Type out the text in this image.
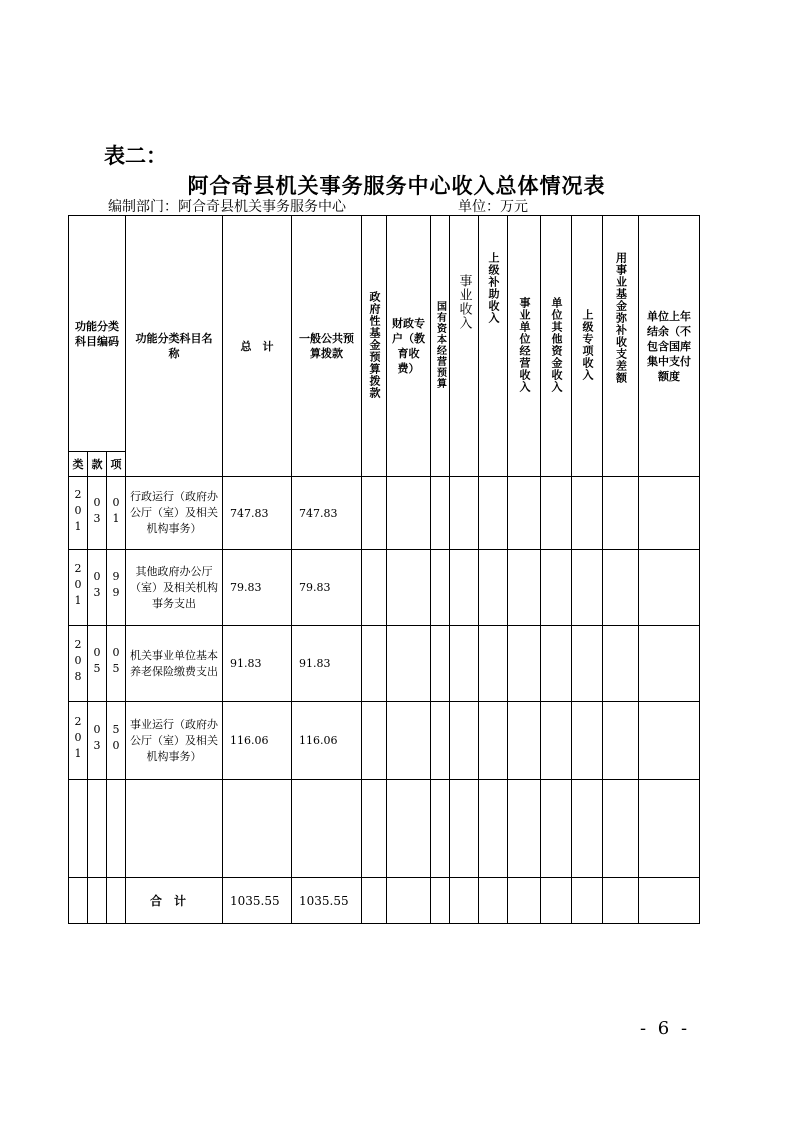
表二：
阿合奇县机关事务服务中心收入总体情况表
编制部门：阿合奇县机关事务服务中心	单位：万元
功能分类科目编码			功能分类科目名称	总　计	一般公共预算拨款	政府性基金预算拨款	财政专户（教育收费）	国有资本经营预算	事业收入	上级补助收入	事业单位经营收入	单位其他资金收入	上级专项收入	用事业基金弥补收支差额	单位上年结余（不包含国库集中支付额度

类	款	项													
201	03	01	行政运行（政府办公厅（室）及相关机构事务）	747.83	747.83										
201	03	99	其他政府办公厅（室）及相关机构事务支出	79.83	79.83										
208	05	05	机关事业单位基本养老保险缴费支出	91.83	91.83										
201	03	50	事业运行（政府办公厅（室）及相关机构事务）	116.06	116.06										

			合计	1035.55	1035.55										
- 6 -
